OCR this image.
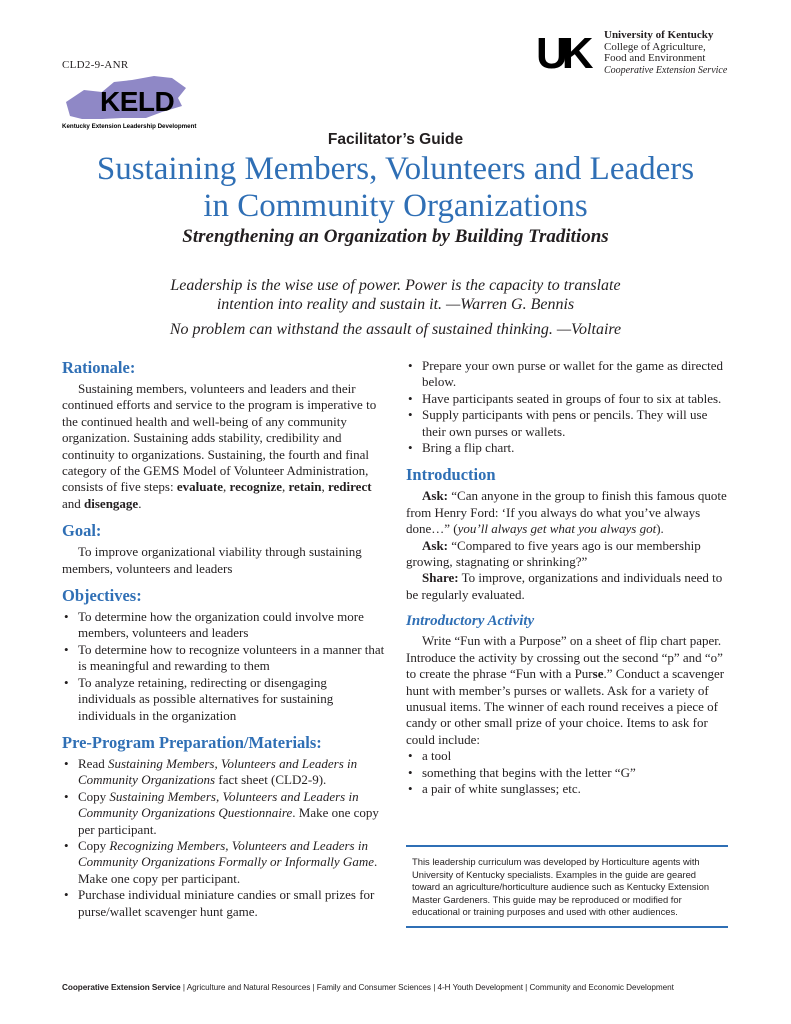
CLD2-9-ANR
KELD
Kentucky Extension Leadership Development
UK University of Kentucky
College of Agriculture,
Food and Environment
Cooperative Extension Service
Facilitator’s Guide
Sustaining Members, Volunteers and Leaders
in Community Organizations
Strengthening an Organization by Building Traditions
Leadership is the wise use of power. Power is the capacity to translate
intention into reality and sustain it. —Warren G. Bennis
No problem can withstand the assault of sustained thinking. —Voltaire
Rationale:

Sustaining members, volunteers and leaders and their continued efforts and service to the program is imperative to the continued health and well-being of any community organization. Sustaining adds stability, credibility and continuity to organizations. Sustaining, the fourth and final category of the GEMS Model of Volunteer Administration, consists of five steps: evaluate, recognize, retain, redirect and disengage.

Goal:

To improve organizational viability through sustaining members, volunteers and leaders

Objectives:
• To determine how the organization could involve more members, volunteers and leaders
• To determine how to recognize volunteers in a manner that is meaningful and rewarding to them
• To analyze retaining, redirecting or disengaging individuals as possible alternatives for sustaining individuals in the organization
Pre-Program Preparation/Materials:
• Read Sustaining Members, Volunteers and Leaders in Community Organizations fact sheet (CLD2-9).
• Copy Sustaining Members, Volunteers and Leaders in Community Organizations Questionnaire. Make one copy per participant.
• Copy Recognizing Members, Volunteers and Leaders in Community Organizations Formally or Informally Game. Make one copy per participant.
• Purchase individual miniature candies or small prizes for purse/wallet scavenger hunt game.
• Prepare your own purse or wallet for the game as directed below.
• Have participants seated in groups of four to six at tables.
• Supply participants with pens or pencils. They will use their own purses or wallets.
• Bring a flip chart.
Introduction

Ask: “Can anyone in the group to finish this famous quote from Henry Ford: ‘If you always do what you’ve always done…” (you’ll always get what you always got).

Ask: “Compared to five years ago is our membership growing, stagnating or shrinking?”

Share: To improve, organizations and individuals need to be regularly evaluated.

Introductory Activity

Write “Fun with a Purpose” on a sheet of flip chart paper. Introduce the activity by crossing out the second “p” and “o” to create the phrase “Fun with a Purse.” Conduct a scavenger hunt with member’s purses or wallets. Ask for a variety of unusual items. The winner of each round receives a piece of candy or other small prize of your choice. Items to ask for could include:

• a tool
• something that begins with the letter “G”
• a pair of white sunglasses; etc.
This leadership curriculum was developed by Horticulture agents with University of Kentucky specialists. Examples in the guide are geared toward an agriculture/horticulture audience such as Kentucky Extension Master Gardeners. This guide may be reproduced or modified for educational or training purposes and used with other audiences.
Cooperative Extension Service | Agriculture and Natural Resources | Family and Consumer Sciences | 4-H Youth Development | Community and Economic Development
